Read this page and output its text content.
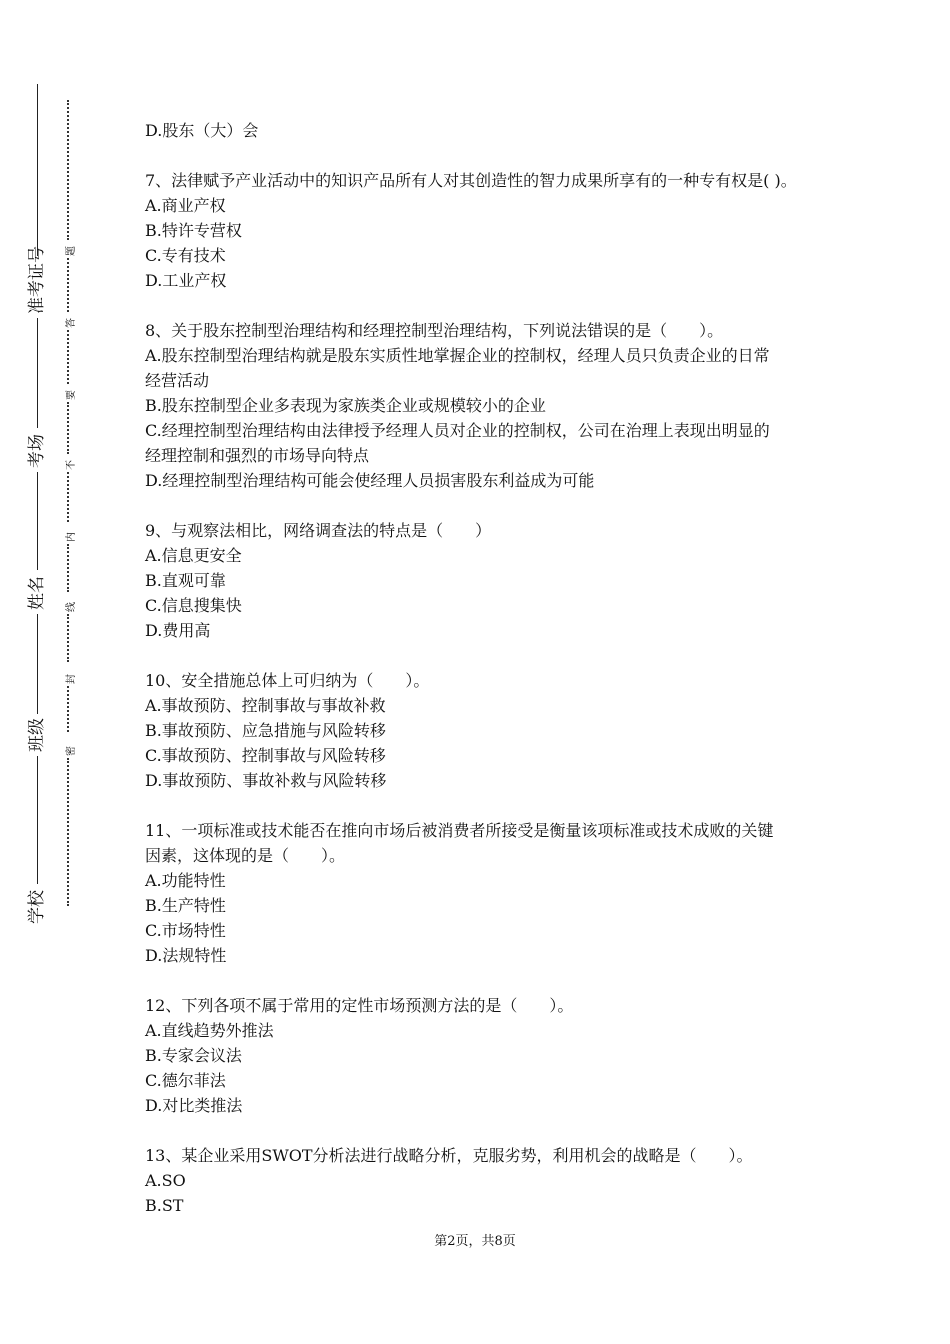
学校
班级
姓名
考场
准考证号
密
封
线
内
不
要
答
题

D.股东（大）会

7、法律赋予产业活动中的知识产品所有人对其创造性的智力成果所享有的一种专有权是( )。

A.商业产权

B.特许专营权

C.专有技术

D.工业产权

8、关于股东控制型治理结构和经理控制型治理结构，下列说法错误的是（　　）。

A.股东控制型治理结构就是股东实质性地掌握企业的控制权，经理人员只负责企业的日常

经营活动

B.股东控制型企业多表现为家族类企业或规模较小的企业

C.经理控制型治理结构由法律授予经理人员对企业的控制权，公司在治理上表现出明显的

经理控制和强烈的市场导向特点

D.经理控制型治理结构可能会使经理人员损害股东利益成为可能

9、与观察法相比，网络调查法的特点是（　　）

A.信息更安全

B.直观可靠

C.信息搜集快

D.费用高

10、安全措施总体上可归纳为（　　）。

A.事故预防、控制事故与事故补救

B.事故预防、应急措施与风险转移

C.事故预防、控制事故与风险转移

D.事故预防、事故补救与风险转移

11、一项标准或技术能否在推向市场后被消费者所接受是衡量该项标准或技术成败的关键

因素，这体现的是（　　）。

A.功能特性

B.生产特性

C.市场特性

D.法规特性

12、下列各项不属于常用的定性市场预测方法的是（　　）。

A.直线趋势外推法

B.专家会议法

C.德尔菲法

D.对比类推法

13、某企业采用SWOT分析法进行战略分析，克服劣势，利用机会的战略是（　　）。

A.SO

B.ST

第2页，共8页
